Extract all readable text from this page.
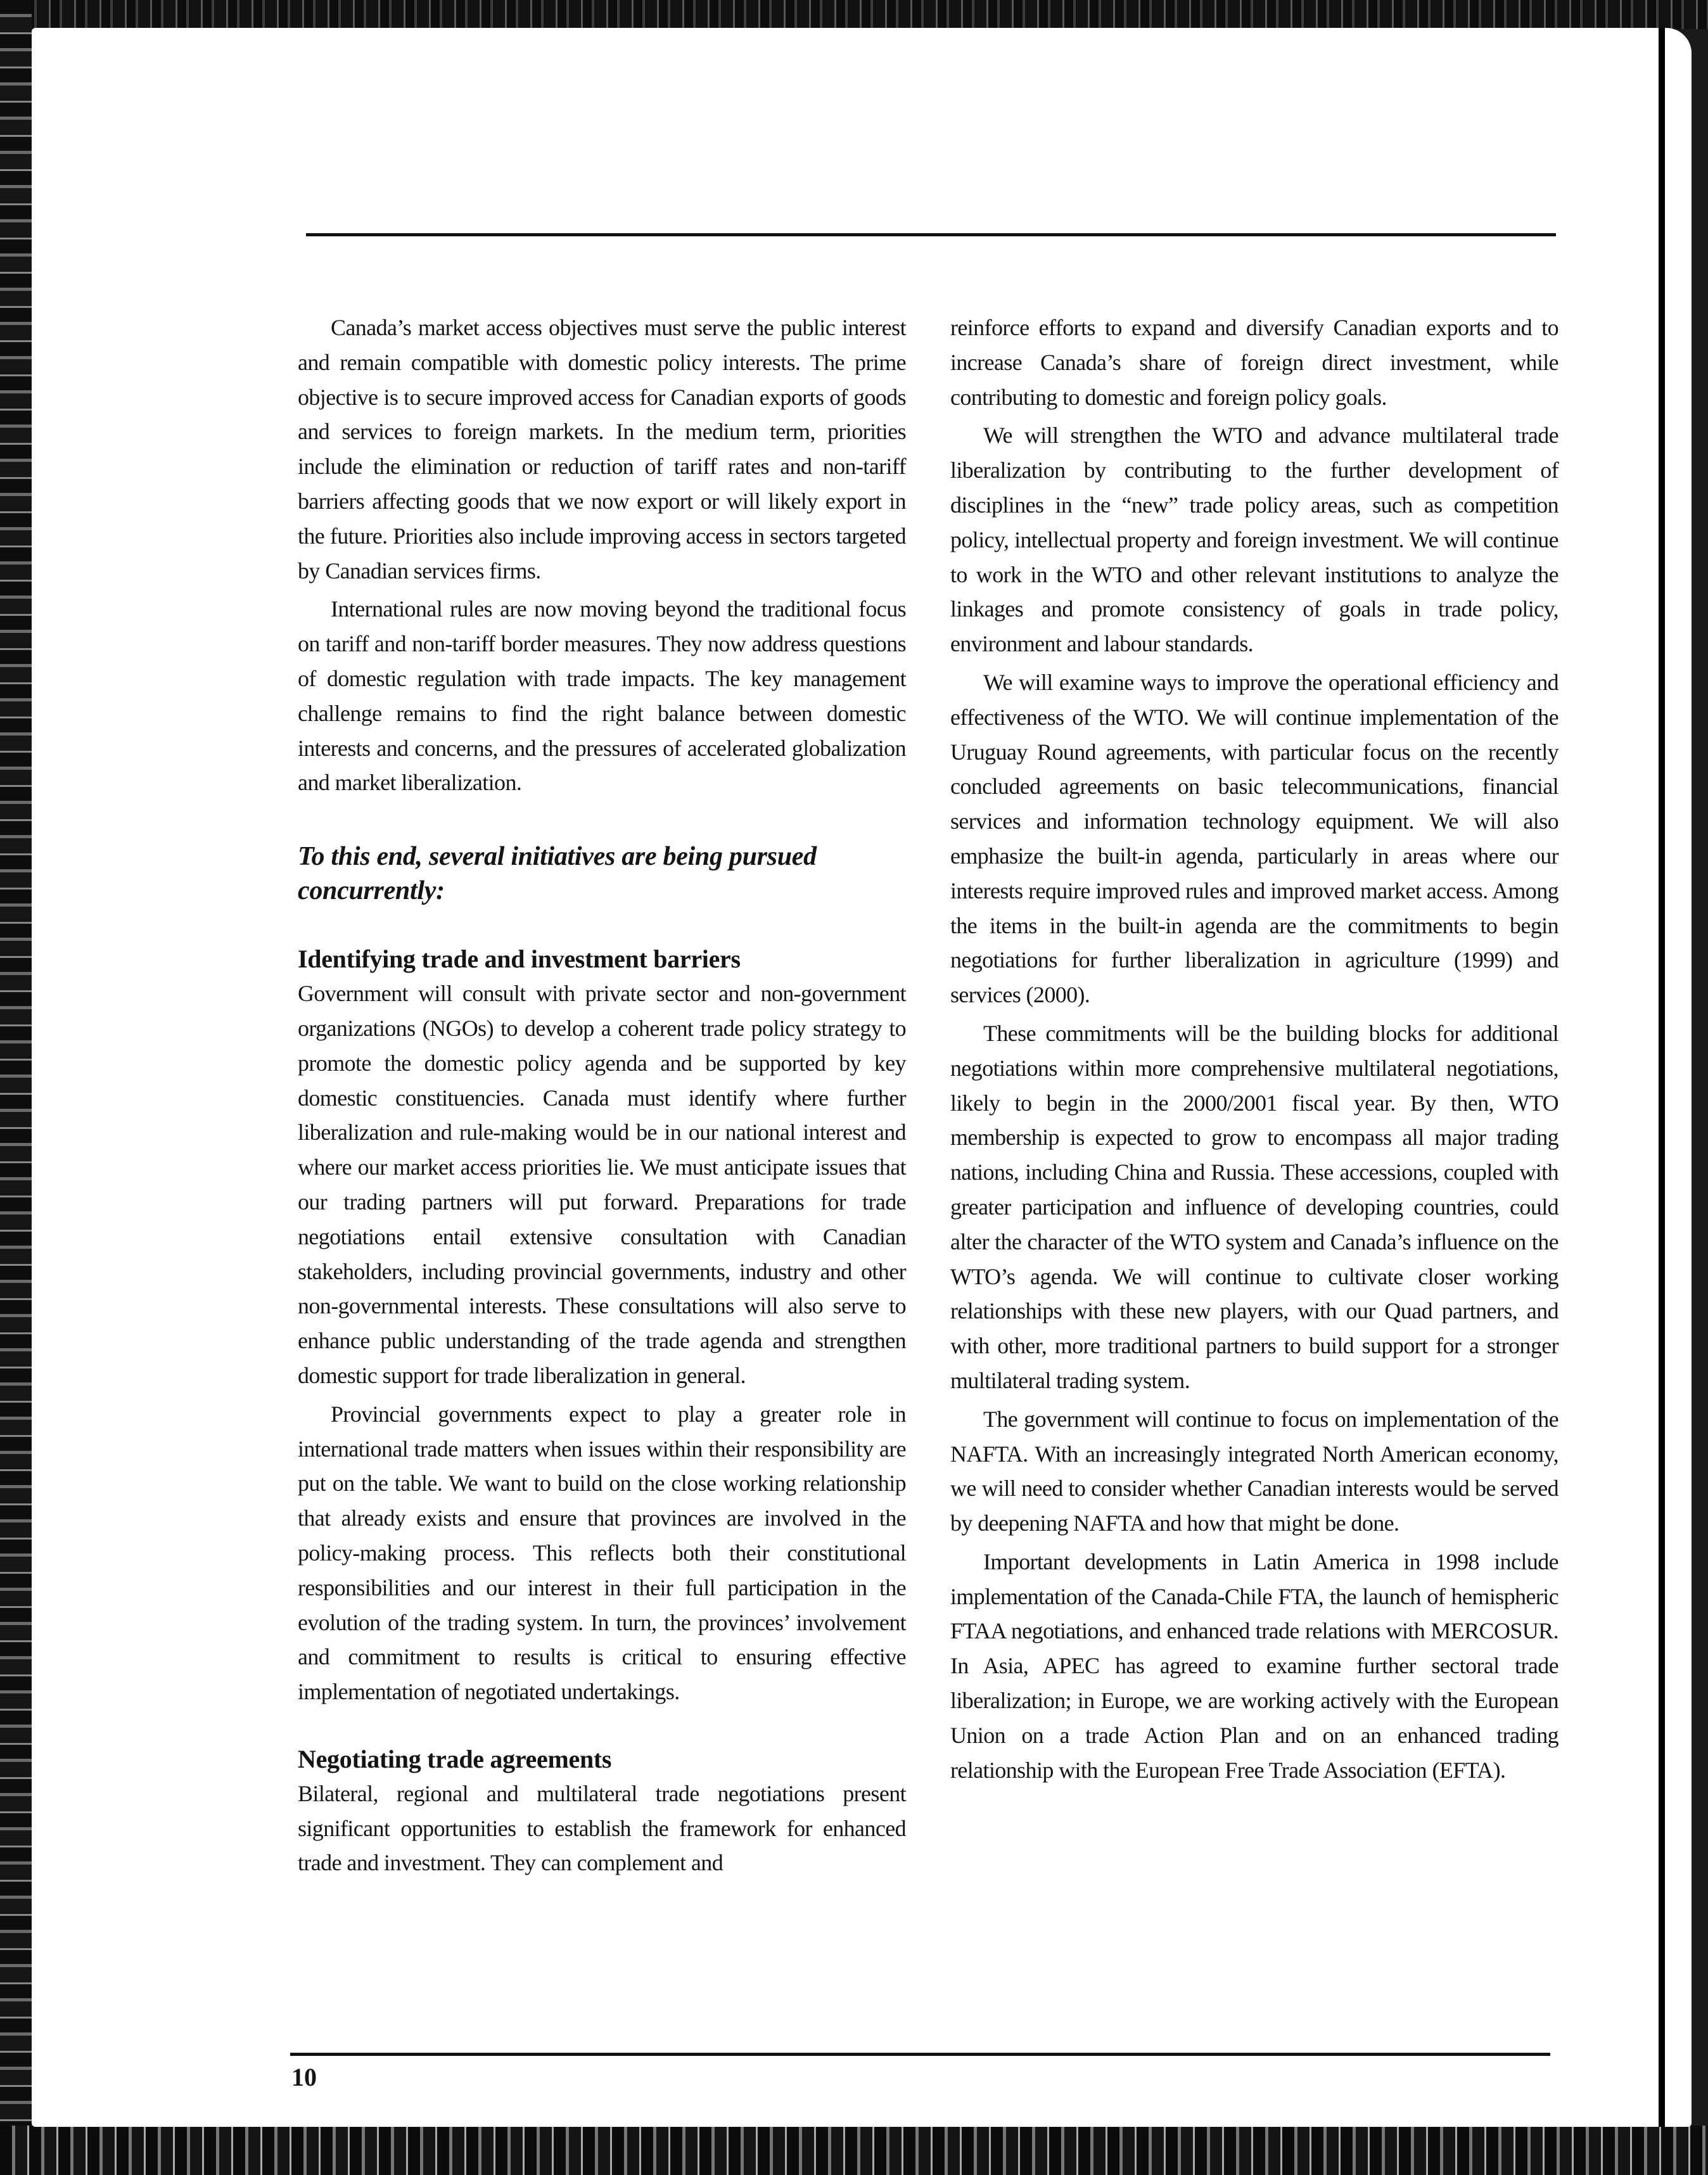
Canada’s market access objectives must serve the public interest and remain compatible with domestic policy interests. The prime objective is to secure improved access for Canadian exports of goods and services to foreign markets. In the medium term, priorities include the elimination or reduction of tariff rates and non-tariff barriers affecting goods that we now export or will likely export in the future. Priorities also include improving access in sectors targeted by Canadian services firms.

International rules are now moving beyond the traditional focus on tariff and non-tariff border measures. They now address questions of domestic regulation with trade impacts. The key management challenge remains to find the right balance between domestic interests and concerns, and the pressures of accelerated globalization and market liberalization.

To this end, several initiatives are being pursued concurrently:
Identifying trade and investment barriers

Government will consult with private sector and non-government organizations (NGOs) to develop a coherent trade policy strategy to promote the domestic policy agenda and be supported by key domestic constituencies. Canada must identify where further liberalization and rule-making would be in our national interest and where our market access priorities lie. We must anticipate issues that our trading partners will put forward. Preparations for trade negotiations entail extensive consultation with Canadian stakeholders, including provincial governments, industry and other non-governmental interests. These consultations will also serve to enhance public understanding of the trade agenda and strengthen domestic support for trade liberalization in general.

Provincial governments expect to play a greater role in international trade matters when issues within their responsibility are put on the table. We want to build on the close working relationship that already exists and ensure that provinces are involved in the policy-making process. This reflects both their constitutional responsibilities and our interest in their full participation in the evolution of the trading system. In turn, the provinces’ involvement and commitment to results is critical to ensuring effective implementation of negotiated undertakings.

Negotiating trade agreements

Bilateral, regional and multilateral trade negotiations present significant opportunities to establish the framework for enhanced trade and investment. They can complement and

reinforce efforts to expand and diversify Canadian exports and to increase Canada’s share of foreign direct investment, while contributing to domestic and foreign policy goals.

We will strengthen the WTO and advance multilateral trade liberalization by contributing to the further development of disciplines in the “new” trade policy areas, such as competition policy, intellectual property and foreign investment. We will continue to work in the WTO and other relevant institutions to analyze the linkages and promote consistency of goals in trade policy, environment and labour standards.

We will examine ways to improve the operational efficiency and effectiveness of the WTO. We will continue implementation of the Uruguay Round agreements, with particular focus on the recently concluded agreements on basic telecommunications, financial services and information technology equipment. We will also emphasize the built-in agenda, particularly in areas where our interests require improved rules and improved market access. Among the items in the built-in agenda are the commitments to begin negotiations for further liberalization in agriculture (1999) and services (2000).

These commitments will be the building blocks for additional negotiations within more comprehensive multilateral negotiations, likely to begin in the 2000/2001 fiscal year. By then, WTO membership is expected to grow to encompass all major trading nations, including China and Russia. These accessions, coupled with greater participation and influence of developing countries, could alter the character of the WTO system and Canada’s influence on the WTO’s agenda. We will continue to cultivate closer working relationships with these new players, with our Quad partners, and with other, more traditional partners to build support for a stronger multilateral trading system.

The government will continue to focus on implementation of the NAFTA. With an increasingly integrated North American economy, we will need to consider whether Canadian interests would be served by deepening NAFTA and how that might be done.

Important developments in Latin America in 1998 include implementation of the Canada-Chile FTA, the launch of hemispheric FTAA negotiations, and enhanced trade relations with MERCOSUR. In Asia, APEC has agreed to examine further sectoral trade liberalization; in Europe, we are working actively with the European Union on a trade Action Plan and on an enhanced trading relationship with the European Free Trade Association (EFTA).

10
